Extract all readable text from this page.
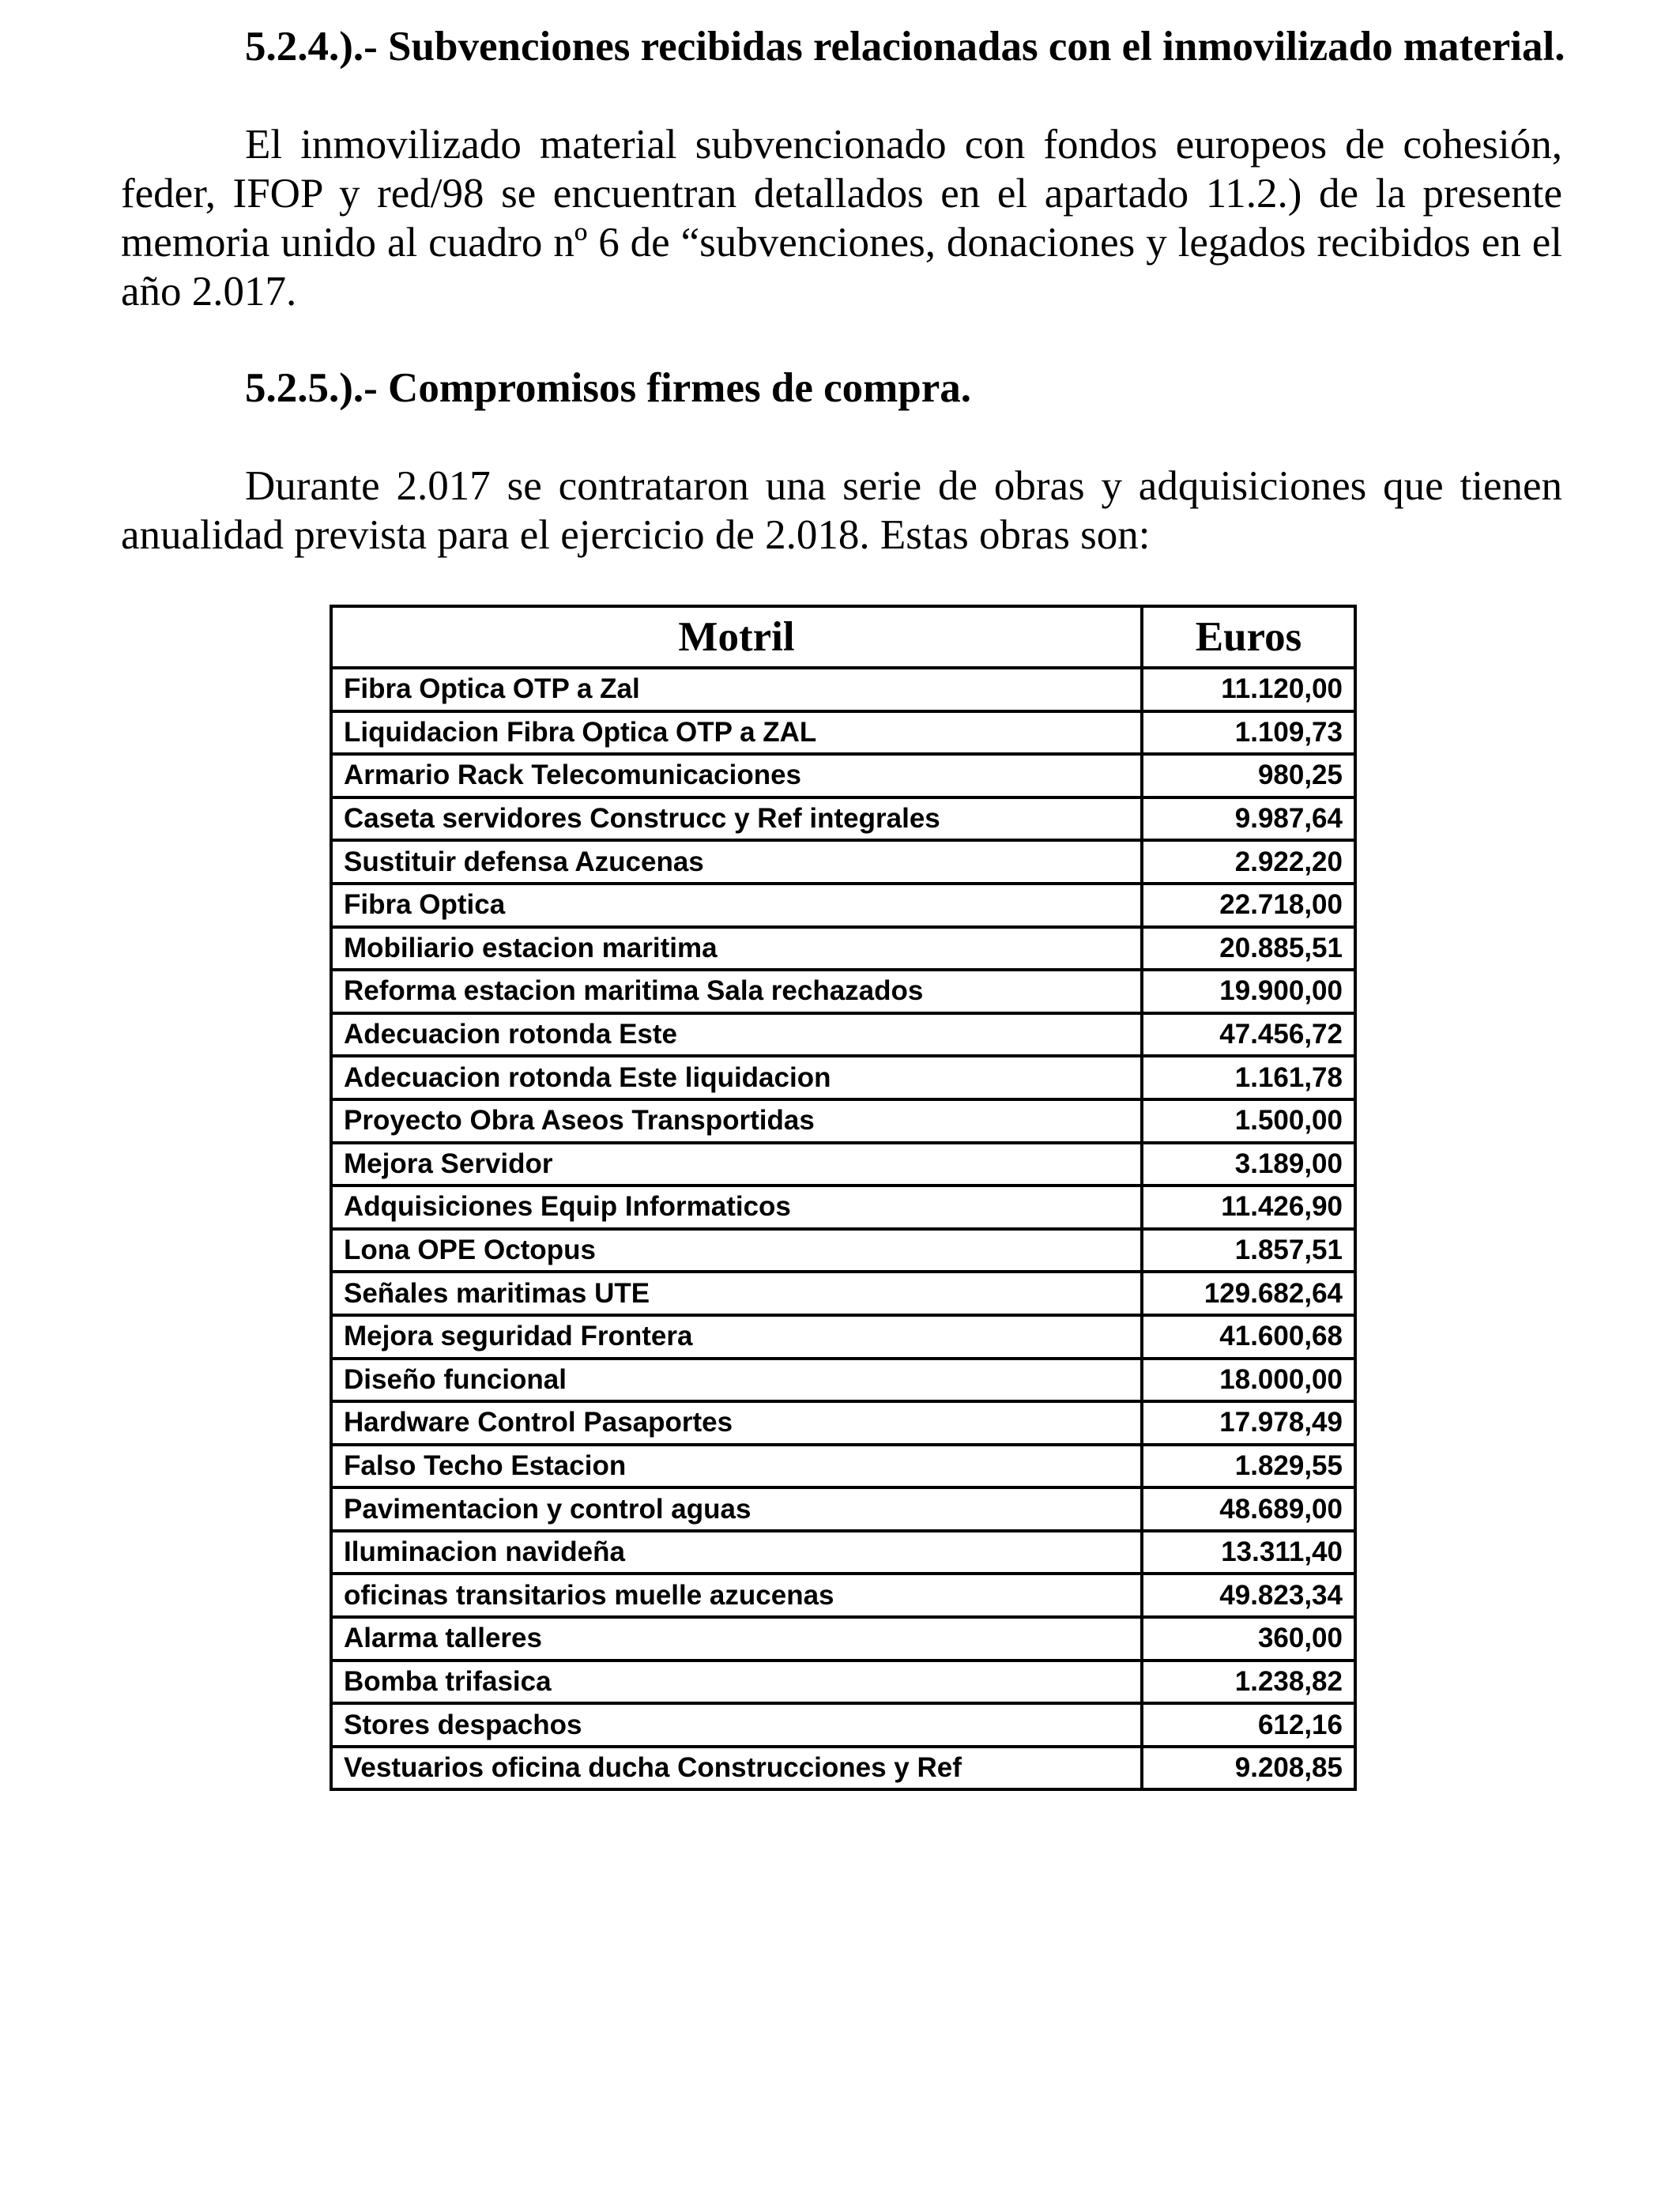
5.2.4.).- Subvenciones recibidas relacionadas con el inmovilizado material.

El inmovilizado material subvencionado con fondos europeos de cohesión, feder, IFOP y red/98 se encuentran detallados en el apartado 11.2.) de la presente memoria unido al cuadro nº 6 de “subvenciones, donaciones y legados recibidos en el año 2.017.

5.2.5.).- Compromisos firmes de compra.

Durante 2.017 se contrataron una serie de obras y adquisiciones que tienen anualidad prevista para el ejercicio de 2.018. Estas obras son:

Motril	Euros
Fibra Optica OTP a Zal	11.120,00
Liquidacion Fibra Optica OTP a ZAL	1.109,73
Armario Rack Telecomunicaciones	980,25
Caseta servidores Construcc y Ref integrales	9.987,64
Sustituir defensa Azucenas	2.922,20
Fibra Optica	22.718,00
Mobiliario estacion maritima	20.885,51
Reforma estacion maritima Sala rechazados	19.900,00
Adecuacion rotonda Este	47.456,72
Adecuacion rotonda Este liquidacion	1.161,78
Proyecto Obra Aseos Transportidas	1.500,00
Mejora Servidor	3.189,00
Adquisiciones Equip Informaticos	11.426,90
Lona OPE Octopus	1.857,51
Señales maritimas UTE	129.682,64
Mejora seguridad Frontera	41.600,68
Diseño funcional	18.000,00
Hardware Control Pasaportes	17.978,49
Falso Techo Estacion	1.829,55
Pavimentacion y control aguas	48.689,00
Iluminacion navideña	13.311,40
oficinas transitarios muelle azucenas	49.823,34
Alarma talleres	360,00
Bomba trifasica	1.238,82
Stores despachos	612,16
Vestuarios oficina ducha Construcciones y Ref	9.208,85
